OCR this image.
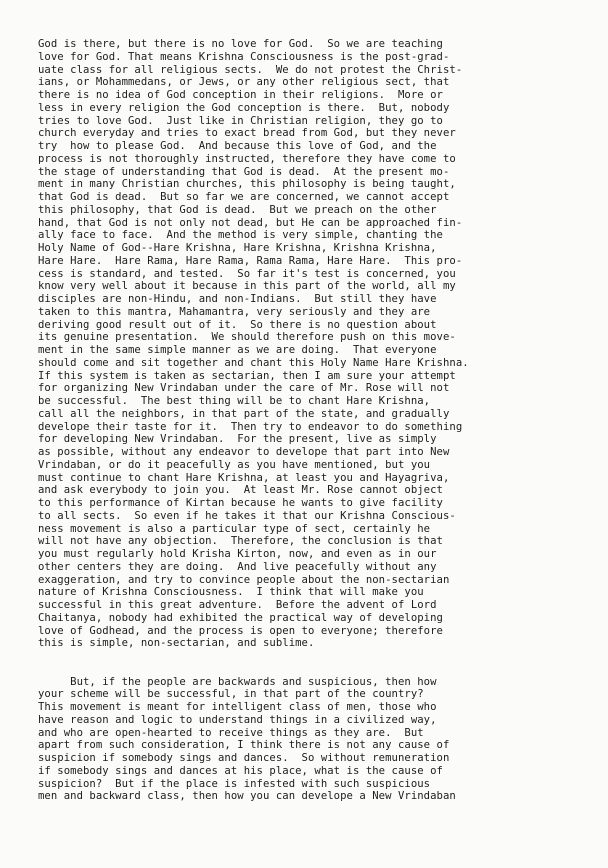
God is there, but there is no love for God.  So we are teaching
love for God. That means Krishna Consciousness is the post-grad-
uate class for all religious sects.  We do not protest the Christ-
ians, or Mohammedans, or Jews, or any other religious sect, that
there is no idea of God conception in their religions.  More or
less in every religion the God conception is there.  But, nobody
tries to love God.  Just like in Christian religion, they go to
church everyday and tries to exact bread from God, but they never
try  how to please God.  And because this love of God, and the
process is not thoroughly instructed, therefore they have come to
the stage of understanding that God is dead.  At the present mo-
ment in many Christian churches, this philosophy is being taught,
that God is dead.  But so far we are concerned, we cannot accept
this philosophy, that God is dead.  But we preach on the other
hand, that God is not only not dead, but He can be approached fin-
ally face to face.  And the method is very simple, chanting the
Holy Name of God--Hare Krishna, Hare Krishna, Krishna Krishna,
Hare Hare.  Hare Rama, Hare Rama, Rama Rama, Hare Hare.  This pro-
cess is standard, and tested.  So far it's test is concerned, you
know very well about it because in this part of the world, all my
disciples are non-Hindu, and non-Indians.  But still they have
taken to this mantra, Mahamantra, very seriously and they are
deriving good result out of it.  So there is no question about
its genuine presentation.  We should therefore push on this move-
ment in the same simple manner as we are doing.  That everyone
should come and sit together and chant this Holy Name Hare Krishna.
If this system is taken as sectarian, then I am sure your attempt
for organizing New Vrindaban under the care of Mr. Rose will not
be successful.  The best thing will be to chant Hare Krishna,
call all the neighbors, in that part of the state, and gradually
develope their taste for it.  Then try to endeavor to do something
for developing New Vrindaban.  For the present, live as simply
as possible, without any endeavor to develope that part into New
Vrindaban, or do it peacefully as you have mentioned, but you
must continue to chant Hare Krishna, at least you and Hayagriva,
and ask everybody to join you.  At least Mr. Rose cannot object
to this performance of Kirtan because he wants to give facility
to all sects.  So even if he takes it that our Krishna Conscious-
ness movement is also a particular type of sect, certainly he
will not have any objection.  Therefore, the conclusion is that
you must regularly hold Krisha Kirton, now, and even as in our
other centers they are doing.  And live peacefully without any
exaggeration, and try to convince people about the non-sectarian
nature of Krishna Consciousness.  I think that will make you
successful in this great adventure.  Before the advent of Lord
Chaitanya, nobody had exhibited the practical way of developing
love of Godhead, and the process is open to everyone; therefore
this is simple, non-sectarian, and sublime.
But, if the people are backwards and suspicious, then how
your scheme will be successful, in that part of the country?
This movement is meant for intelligent class of men, those who
have reason and logic to understand things in a civilized way,
and who are open-hearted to receive things as they are.  But
apart from such consideration, I think there is not any cause of
suspicion if somebody sings and dances.  So without remuneration
if somebody sings and dances at his place, what is the cause of
suspicion?  But if the place is infested with such suspicious
men and backward class, then how you can develope a New Vrindaban
